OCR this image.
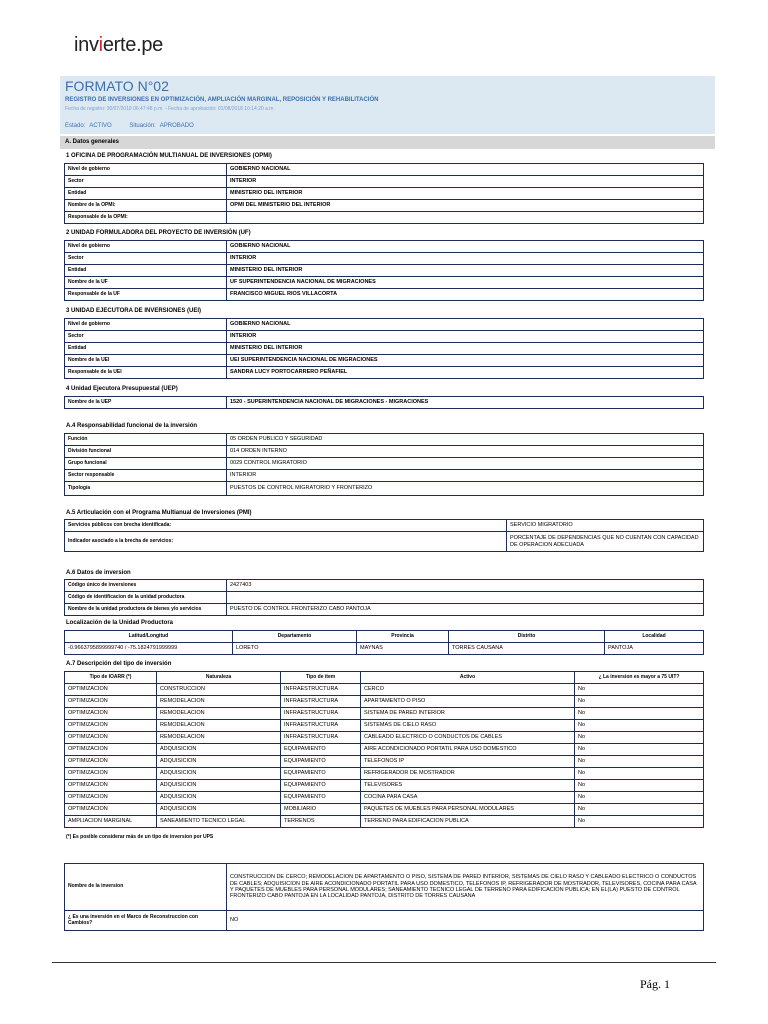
invierte.pe
FORMATO N°02
REGISTRO DE INVERSIONES EN OPTIMIZACIÓN, AMPLIACIÓN MARGINAL, REPOSICIÓN Y REHABILITACIÓN
Fecha de registro: 30/07/2018 06:47:48 p.m. - Fecha de aprobación: 01/08/2018 10:14:20 a.m.
Estado: ACTIVO	Situación: APROBADO
A. Datos generales
1 OFICINA DE PROGRAMACIÓN MULTIANUAL DE INVERSIONES (OPMI)
Nivel de gobierno	GOBIERNO NACIONAL
Sector	INTERIOR
Entidad	MINISTERIO DEL INTERIOR
Nombre de la OPMI:	OPMI DEL MINISTERIO DEL INTERIOR
Responsable de la OPMI:	
2 UNIDAD FORMULADORA DEL PROYECTO DE INVERSIÓN (UF)
Nivel de gobierno	GOBIERNO NACIONAL
Sector	INTERIOR
Entidad	MINISTERIO DEL INTERIOR
Nombre de la UF	UF SUPERINTENDENCIA NACIONAL DE MIGRACIONES
Responsable de la UF	FRANCISCO MIGUEL RIOS VILLACORTA
3 UNIDAD EJECUTORA DE INVERSIONES (UEI)
Nivel de gobierno	GOBIERNO NACIONAL
Sector	INTERIOR
Entidad	MINISTERIO DEL INTERIOR
Nombre de la UEI	UEI SUPERINTENDENCIA NACIONAL DE MIGRACIONES
Responsable de la UEI	SANDRA LUCY PORTOCARRERO PEÑAFIEL
4 Unidad Ejecutora Presupuestal (UEP)
Nombre de la UEP	1520 - SUPERINTENDENCIA NACIONAL DE MIGRACIONES - MIGRACIONES
A.4 Responsabilidad funcional de la inversión
Función	05 ORDEN PUBLICO Y SEGURIDAD
División funcional	014 ORDEN INTERNO
Grupo funcional	0029 CONTROL MIGRATORIO
Sector responsable	INTERIOR
Tipología	PUESTOS DE CONTROL MIGRATORIO Y FRONTERIZO
A.5 Articulación con el Programa Multianual de Inversiones (PMI)
Servicios públicos con brecha identificada:	SERVICIO MIGRATORIO
Indicador asociado a la brecha de servicios:	PORCENTAJE DE DEPENDENCIAS QUE NO CUENTAN CON CAPACIDAD DE OPERACION ADECUADA
A.6 Datos de inversion
Código único de inversiones	2427403
Código de identificacion de la unidad productora	
Nombre de la unidad productora de bienes y/o servicios	PUESTO DE CONTROL FRONTERIZO CABO PANTOJA
Localización de la Unidad Productora
Latitud/Longitud	Departamento	Provincia	Distrito	Localidad
-0.9663795899999740 / -75.1824791999999	LORETO	MAYNAS	TORRES CAUSANA	PANTOJA
A.7 Descripción del tipo de inversión
Tipo de IOARR (*)	Naturaleza	Tipo de ítem	Activo	¿ La inversion es mayor a 75 UIT?
OPTIMIZACION	CONSTRUCCION	INFRAESTRUCTURA	CERCO	No
OPTIMIZACION	REMODELACION	INFRAESTRUCTURA	APARTAMENTO O PISO	No
OPTIMIZACION	REMODELACION	INFRAESTRUCTURA	SISTEMA DE PARED INTERIOR	No
OPTIMIZACION	REMODELACION	INFRAESTRUCTURA	SISTEMAS DE CIELO RASO	No
OPTIMIZACION	REMODELACION	INFRAESTRUCTURA	CABLEADO ELECTRICO O CONDUCTOS DE CABLES	No
OPTIMIZACION	ADQUISICION	EQUIPAMIENTO	AIRE ACONDICIONADO PORTATIL PARA USO DOMESTICO	No
OPTIMIZACION	ADQUISICION	EQUIPAMIENTO	TELEFONOS IP	No
OPTIMIZACION	ADQUISICION	EQUIPAMIENTO	REFRIGERADOR DE MOSTRADOR	No
OPTIMIZACION	ADQUISICION	EQUIPAMIENTO	TELEVISORES	No
OPTIMIZACION	ADQUISICION	EQUIPAMIENTO	COCINA PARA CASA	No
OPTIMIZACION	ADQUISICION	MOBILIARIO	PAQUETES DE MUEBLES PARA PERSONAL MODULARES	No
AMPLIACION MARGINAL	SANEAMIENTO TECNICO LEGAL	TERRENOS	TERRENO PARA EDIFICACION PUBLICA	No
(*) Es posible considerar más de un tipo de inversion por UPS
Nombre de la inversion	CONSTRUCCION DE CERCO; REMODELACION DE APARTAMENTO O PISO, SISTEMA DE PARED INTERIOR, SISTEMAS DE CIELO RASO Y CABLEADO ELECTRICO O CONDUCTOS DE CABLES; ADQUISICION DE AIRE ACONDICIONADO PORTATIL PARA USO DOMESTICO, TELEFONOS IP, REFRIGERADOR DE MOSTRADOR, TELEVISORES, COCINA PARA CASA Y PAQUETES DE MUEBLES PARA PERSONAL MODULARES; SANEAMIENTO TECNICO LEGAL DE TERRENO PARA EDIFICACION PUBLICA; EN EL(LA) PUESTO DE CONTROL FRONTERIZO CABO PANTOJA EN LA LOCALIDAD PANTOJA, DISTRITO DE TORRES CAUSANA
¿ Es una inversión en el Marco de Reconstruccion con Cambios?	NO
Pág. 1
